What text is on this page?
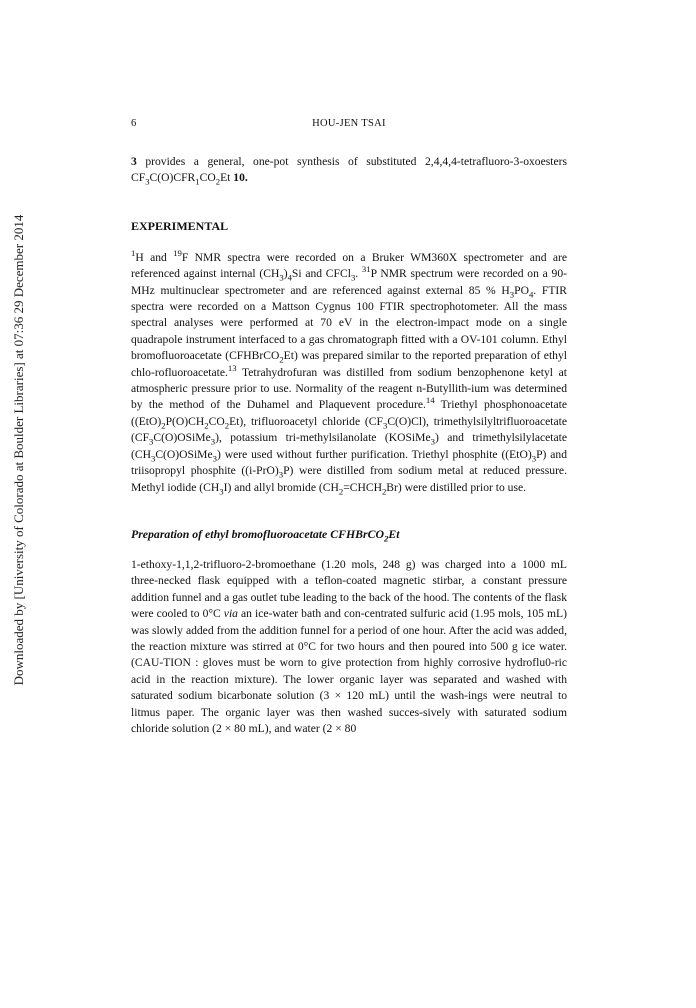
Downloaded by [University of Colorado at Boulder Libraries] at 07:36 29 December 2014
6	HOU-JEN TSAI

3 provides a general, one-pot synthesis of substituted 2,4,4,4-tetrafluoro-3-oxoesters $CF_3C(O)CFR_1CO_2Et$ 10.

EXPERIMENTAL

$^1$H and $^{19}$F NMR spectra were recorded on a Bruker WM360X spectrometer and are referenced against internal $(CH_3)_4Si$ and CFCl$_3$. $^{31}$P NMR spectrum were recorded on a 90-MHz multinuclear spectrometer and are referenced against external 85 % $H_3PO_4$. FTIR spectra were recorded on a Mattson Cygnus 100 FTIR spectrophotometer. All the mass spectral analyses were performed at 70 eV in the electron-impact mode on a single quadrapole instrument interfaced to a gas chromatograph fitted with a OV-101 column. Ethyl bromofluoroacetate (CFHBrCO$_2$Et) was prepared similar to the reported preparation of ethyl chlo-rofluoroacetate.$^{13}$ Tetrahydrofuran was distilled from sodium benzophenone ketyl at atmospheric pressure prior to use. Normality of the reagent n-Butyllith-ium was determined by the method of the Duhamel and Plaquevent procedure.$^{14}$ Triethyl phosphonoacetate $((EtO)_2P(O)CH_2CO_2Et)$, trifluoroacetyl chloride $(CF_3C(O)Cl)$, trimethylsilyltrifluoroacetate $(CF_3C(O)OSiMe_3)$, potassium tri-methylsilanolate (KOSiMe$_3$) and trimethylsilylacetate $(CH_3C(O)OSiMe_3)$ were used without further purification. Triethyl phosphite $((EtO)_3P)$ and triisopropyl phosphite $((i-PrO)_3P)$ were distilled from sodium metal at reduced pressure. Methyl iodide $(CH_3I)$ and allyl bromide $(CH_2=CHCH_2Br)$ were distilled prior to use.

Preparation of ethyl bromofluoroacetate CFHBrCO$_2$Et

1-ethoxy-1,1,2-trifluoro-2-bromoethane (1.20 mols, 248 g) was charged into a 1000 mL three-necked flask equipped with a teflon-coated magnetic stirbar, a constant pressure addition funnel and a gas outlet tube leading to the back of the hood. The contents of the flask were cooled to 0°C via an ice-water bath and con-centrated sulfuric acid (1.95 mols, 105 mL) was slowly added from the addition funnel for a period of one hour. After the acid was added, the reaction mixture was stirred at 0°C for two hours and then poured into 500 g ice water. (CAU-TION : gloves must be worn to give protection from highly corrosive hydroflu0-ric acid in the reaction mixture). The lower organic layer was separated and washed with saturated sodium bicarbonate solution (3 × 120 mL) until the wash-ings were neutral to litmus paper. The organic layer was then washed succes-sively with saturated sodium chloride solution (2 × 80 mL), and water (2 × 80
